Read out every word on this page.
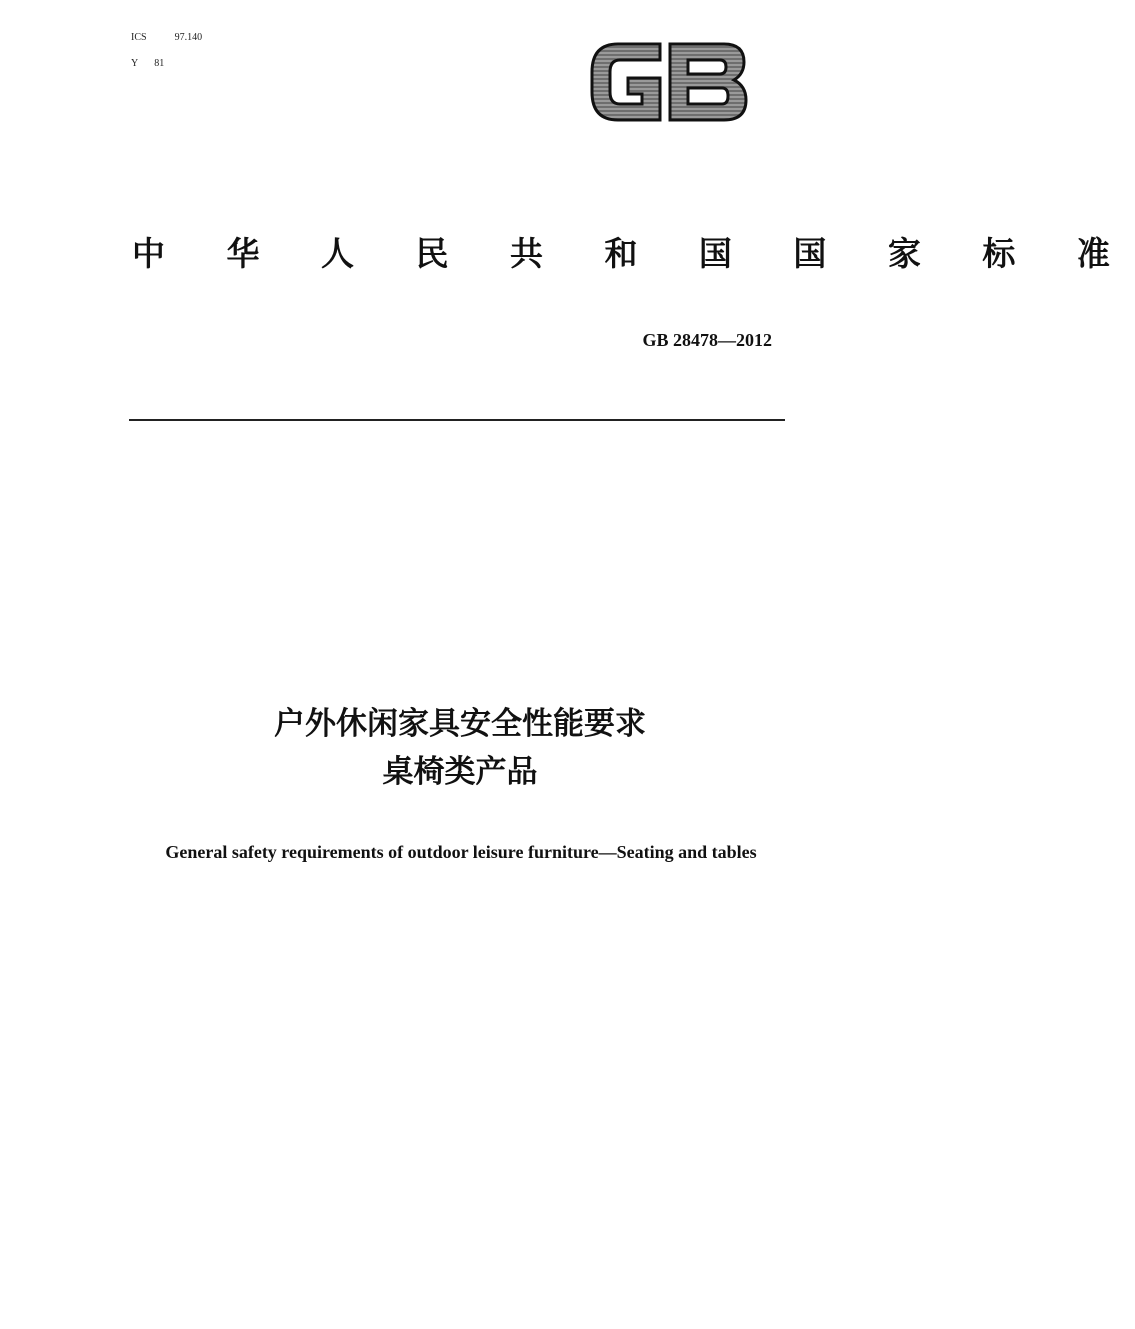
ICS	97.140
Y 81
中 华 人 民 共 和 国 国 家 标 准
GB 28478—2012
户外休闲家具安全性能要求
桌椅类产品
General safety requirements of outdoor leisure furniture—Seating and tables
